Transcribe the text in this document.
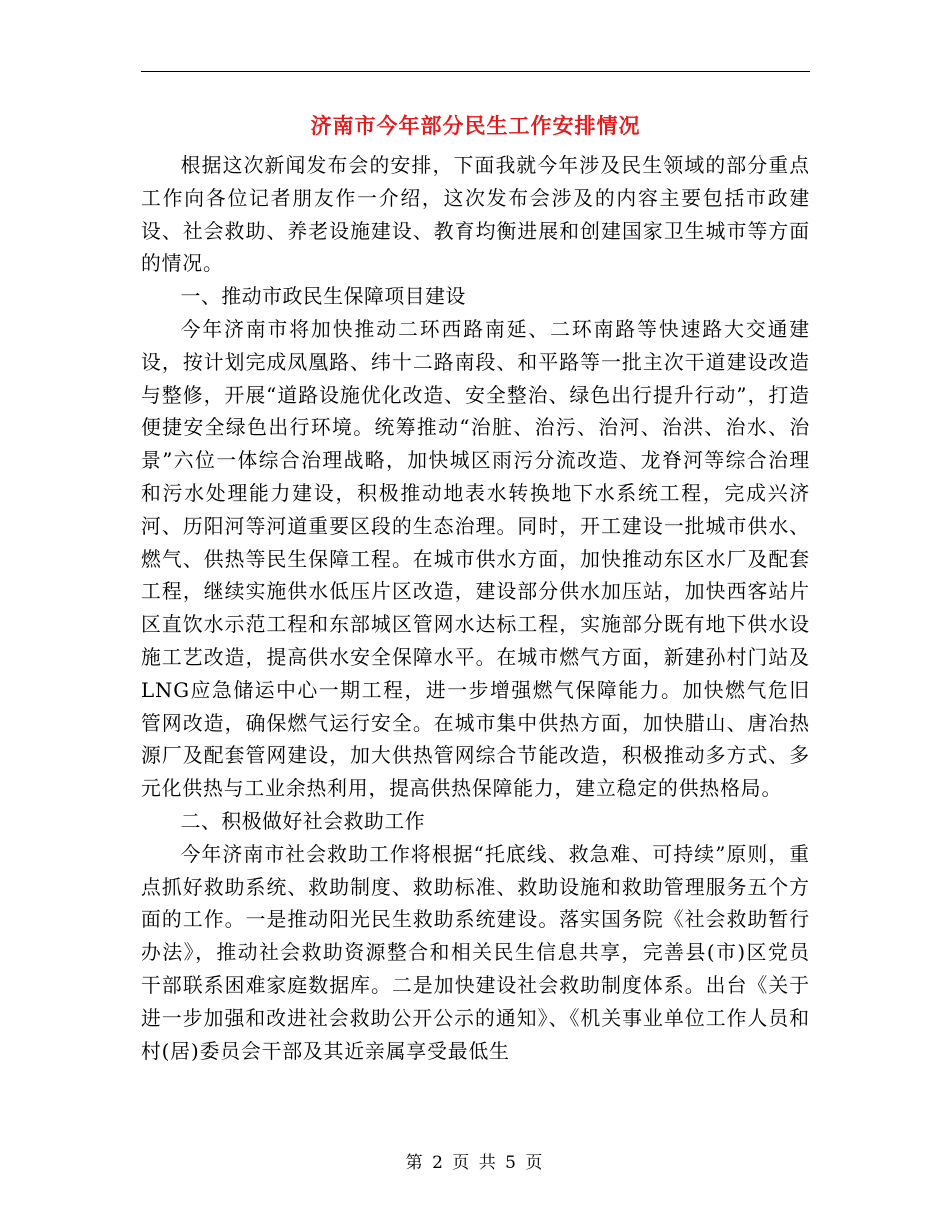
济南市今年部分民生工作安排情况

根据这次新闻发布会的安排，下面我就今年涉及民生领域的部分重点工作向各位记者朋友作一介绍，这次发布会涉及的内容主要包括市政建设、社会救助、养老设施建设、教育均衡进展和创建国家卫生城市等方面的情况。

一、推动市政民生保障项目建设

今年济南市将加快推动二环西路南延、二环南路等快速路大交通建设，按计划完成凤凰路、纬十二路南段、和平路等一批主次干道建设改造与整修，开展“道路设施优化改造、安全整治、绿色出行提升行动”，打造便捷安全绿色出行环境。统筹推动“治脏、治污、治河、治洪、治水、治景”六位一体综合治理战略，加快城区雨污分流改造、龙脊河等综合治理和污水处理能力建设，积极推动地表水转换地下水系统工程，完成兴济河、历阳河等河道重要区段的生态治理。同时，开工建设一批城市供水、燃气、供热等民生保障工程。在城市供水方面，加快推动东区水厂及配套工程，继续实施供水低压片区改造，建设部分供水加压站，加快西客站片区直饮水示范工程和东部城区管网水达标工程，实施部分既有地下供水设施工艺改造，提高供水安全保障水平。在城市燃气方面，新建孙村门站及LNG应急储运中心一期工程，进一步增强燃气保障能力。加快燃气危旧管网改造，确保燃气运行安全。在城市集中供热方面，加快腊山、唐冶热源厂及配套管网建设，加大供热管网综合节能改造，积极推动多方式、多元化供热与工业余热利用，提高供热保障能力，建立稳定的供热格局。

二、积极做好社会救助工作

今年济南市社会救助工作将根据“托底线、救急难、可持续”原则，重点抓好救助系统、救助制度、救助标准、救助设施和救助管理服务五个方面的工作。一是推动阳光民生救助系统建设。落实国务院《社会救助暂行办法》，推动社会救助资源整合和相关民生信息共享，完善县(市)区党员干部联系困难家庭数据库。二是加快建设社会救助制度体系。出台《关于进一步加强和改进社会救助公开公示的通知》、《机关事业单位工作人员和村(居)委员会干部及其近亲属享受最低生

第 2 页 共 5 页
